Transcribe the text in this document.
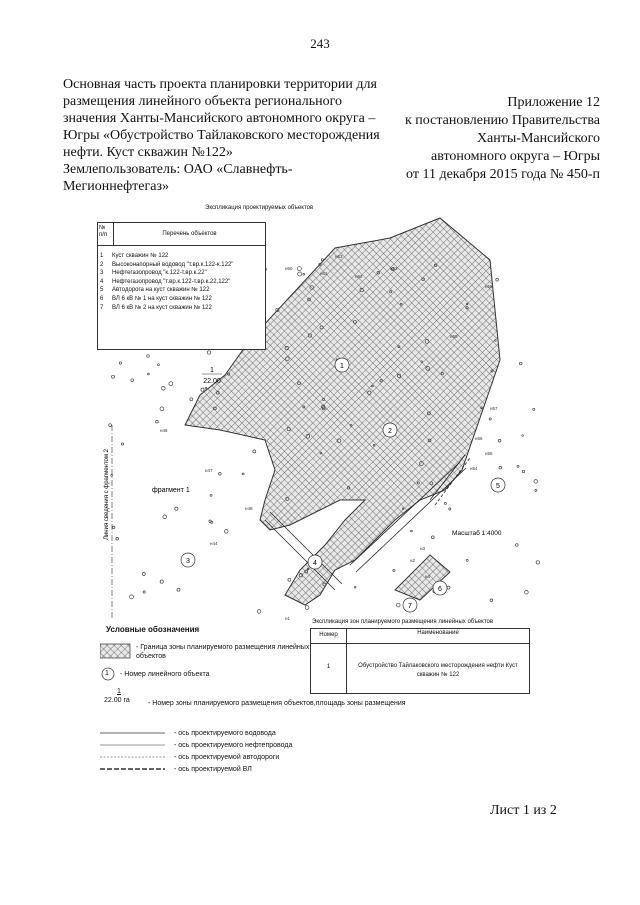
243
Основная часть проекта планировки территории для размещения линейного объекта регионального значения Ханты-Мансийского автономного округа – Югры «Обустройство Тайлаковского месторождения нефти. Куст скважин №122»
Землепользователь: ОАО «Славнефть-Мегионнефтегаз»
Приложение 12
к постановлению Правительства
Ханты-Мансийского
автономного округа – Югры
от 11 декабря 2015 года № 450-п
1
2
3	4
5
6
7
1
22.00
фрагмент 1
Линия сведения с фрагментом 2	Масштаб 1:4000
н63
н62
н61
н60
н59
н58
н57
н56
н55
н54
н53
н46
н47
н48
н44
н3
н2
н4
н1
Экспликация проектируемых объектов
№ п/п	Перечень объектов
1	Куст скважин № 122
2	Высоконапорный водовод "т.вр.к.122-к.122"
3	Нефтегазопровод "к.122-т.вр.к.22"
4	Нефтегазопровод "т.вр.к.122-т.вр.к.22,122"
5	Автодорога на куст скважин № 122
6	ВЛ 6 кВ № 1 на куст скважин № 122
7	ВЛ 6 кВ № 2 на куст скважин № 122
Условные обозначения
1
- Граница зоны планируемого размещения линейных объектов
- Номер линейного объекта
1
22.00 га	- Номер зоны планируемого размещения объектов,площадь зоны размещения
- ось проектируемого водовода
- ось проектируемого нефтепровода
- ось проектируемой автодороги
- ось проектируемой ВЛ
Экспликация зон планируемого размещения линейных объектов
Номер	Наименование
1	Обустройство Тайлаковского месторождения нефти Куст скважин № 122
Лист 1 из 2
